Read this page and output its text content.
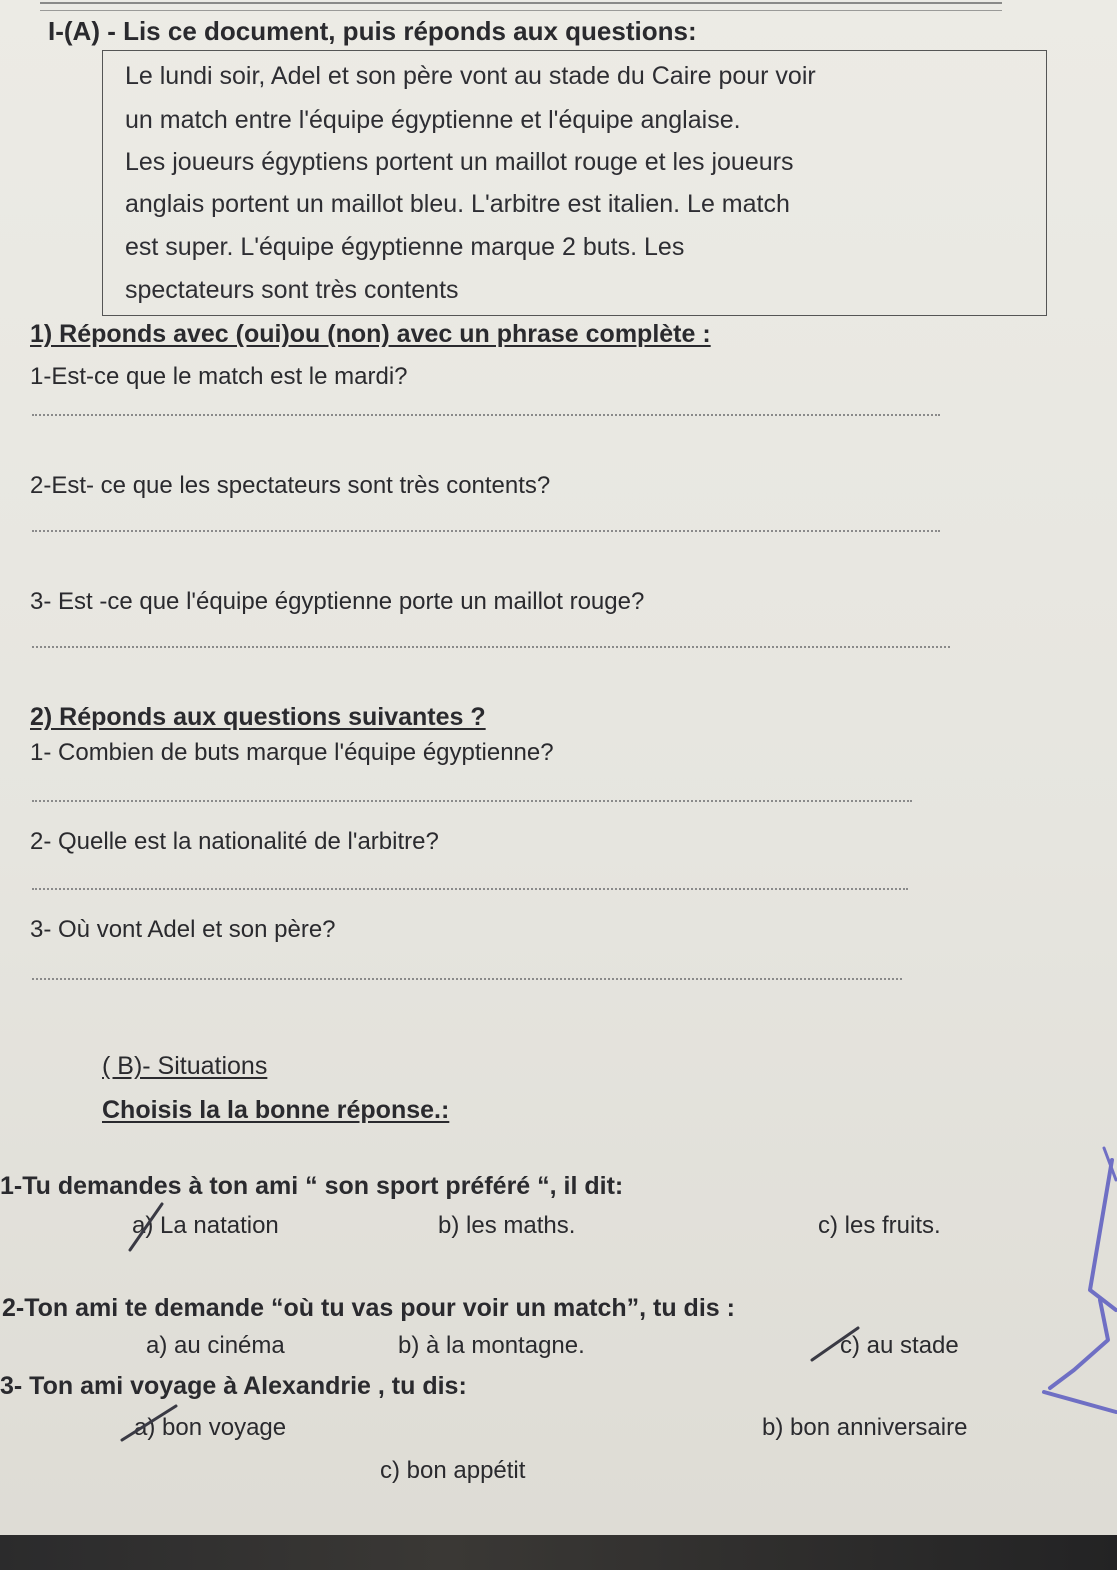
I-(A) - Lis ce document, puis réponds aux questions:
Le lundi soir, Adel et son père vont au stade du Caire pour voir
un match entre l'équipe égyptienne et l'équipe anglaise.
Les joueurs égyptiens portent un maillot rouge et les joueurs
anglais portent un maillot bleu. L'arbitre est italien. Le match
est super. L'équipe égyptienne marque 2 buts. Les
spectateurs sont très contents
1) Réponds avec (oui)ou (non) avec un phrase complète :
1-Est-ce que le match est le mardi?
2-Est- ce que les spectateurs sont très contents?
3- Est -ce que l'équipe égyptienne porte un maillot rouge?
2) Réponds aux questions suivantes ?
1- Combien de buts marque l'équipe égyptienne?
2- Quelle est la nationalité de l'arbitre?
3- Où vont Adel et son père?
( B)- Situations
Choisis la la bonne réponse.:
1-Tu demandes à ton ami “ son sport préféré “, il dit:
a) La natation	b) les maths.	c) les fruits.
2-Ton ami te demande “où tu vas pour voir un match”, tu dis :
a) au cinéma	b) à la montagne.	c) au stade
3- Ton ami voyage à Alexandrie , tu dis:
a) bon voyage	b) bon anniversaire
c) bon appétit
